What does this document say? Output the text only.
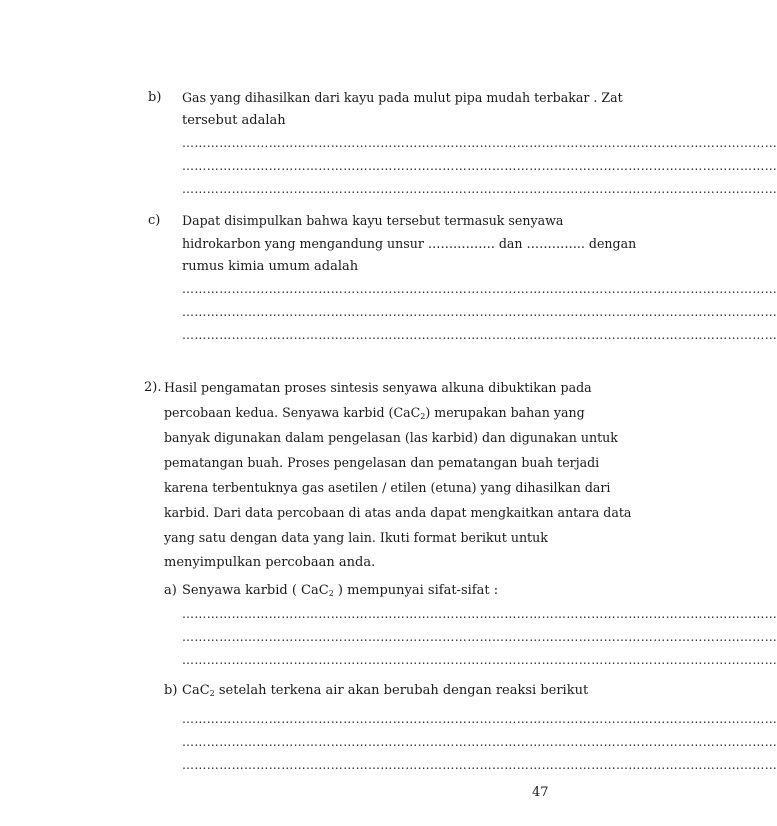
b) Gas yang dihasilkan dari kayu pada mulut pipa mudah terbakar . Zat
tersebut adalah
………………………………………………………………………………………………………………………………
………………………………………………………………………………………………………………………………
………………………………………………………………………………………………………………………………
c) Dapat disimpulkan bahwa kayu tersebut termasuk senyawa
hidrokarbon yang mengandung unsur ……………. dan ………….. dengan
rumus kimia umum adalah
………………………………………………………………………………………………………………………………
………………………………………………………………………………………………………………………………
………………………………………………………………………………………………………………………………
2). Hasil pengamatan proses sintesis senyawa alkuna dibuktikan pada
percobaan kedua. Senyawa karbid (CaC$_2$) merupakan bahan yang
banyak digunakan dalam pengelasan (las karbid) dan digunakan untuk
pematangan buah. Proses pengelasan dan pematangan buah terjadi
karena terbentuknya gas asetilen / etilen (etuna) yang dihasilkan dari
karbid. Dari data percobaan di atas anda dapat mengkaitkan antara data
yang satu dengan data yang lain. Ikuti format berikut untuk
menyimpulkan percobaan anda.
a) Senyawa karbid ( CaC$_2$ ) mempunyai sifat-sifat :
………………………………………………………………………………………………………………………………
………………………………………………………………………………………………………………………………
………………………………………………………………………………………………………………………………
b) CaC$_2$ setelah terkena air akan berubah dengan reaksi berikut
………………………………………………………………………………………………………………………………
………………………………………………………………………………………………………………………………
………………………………………………………………………………………………………………………………
47
